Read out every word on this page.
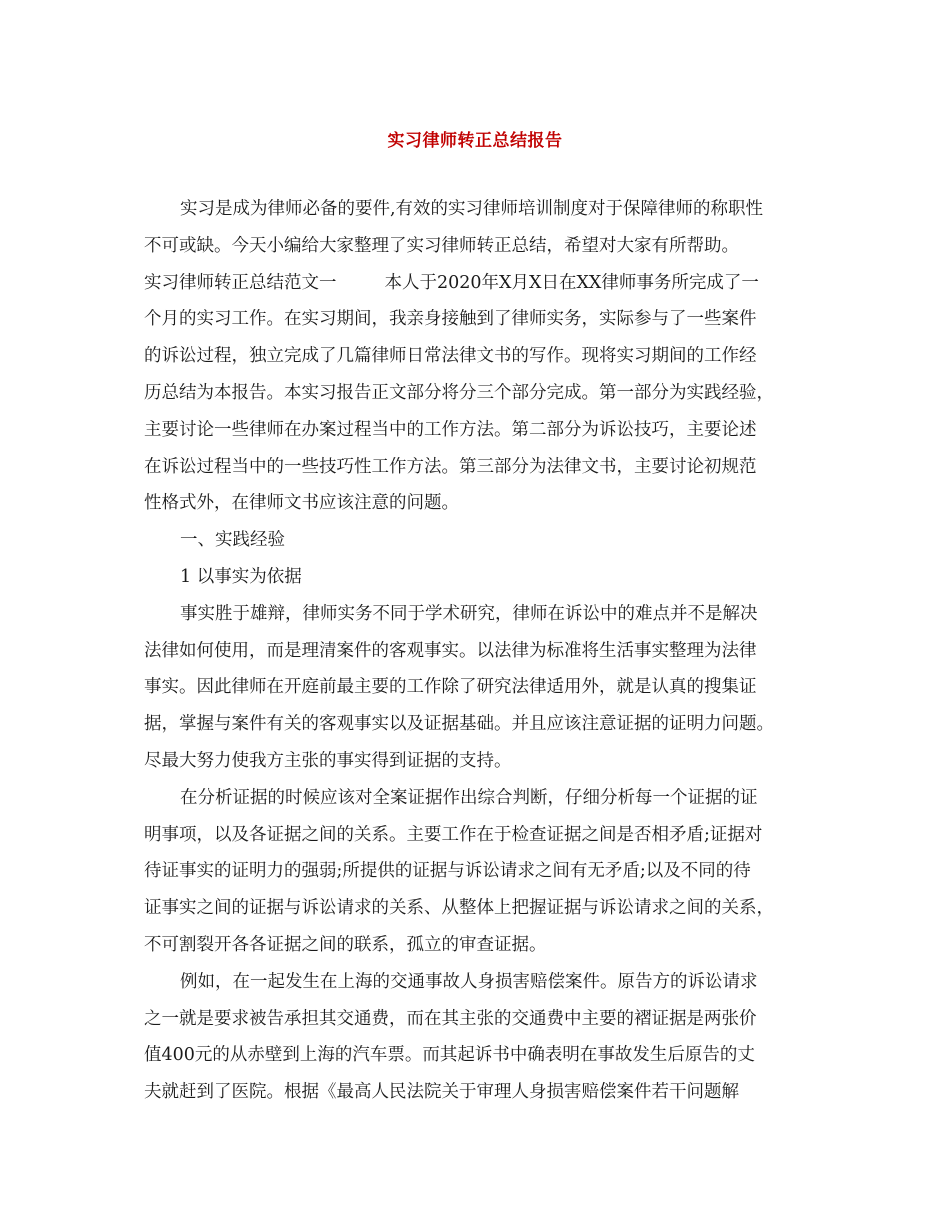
实习律师转正总结报告
实习是成为律师必备的要件,有效的实习律师培训制度对于保障律师的称职性
不可或缺。今天小编给大家整理了实习律师转正总结，希望对大家有所帮助。
实习律师转正总结范文一	本人于2020年X月X日在XX律师事务所完成了一
个月的实习工作。在实习期间，我亲身接触到了律师实务，实际参与了一些案件
的诉讼过程，独立完成了几篇律师日常法律文书的写作。现将实习期间的工作经
历总结为本报告。本实习报告正文部分将分三个部分完成。第一部分为实践经验，
主要讨论一些律师在办案过程当中的工作方法。第二部分为诉讼技巧，主要论述
在诉讼过程当中的一些技巧性工作方法。第三部分为法律文书，主要讨论初规范
性格式外，在律师文书应该注意的问题。
一、实践经验
1 以事实为依据
事实胜于雄辩，律师实务不同于学术研究，律师在诉讼中的难点并不是解决
法律如何使用，而是理清案件的客观事实。以法律为标准将生活事实整理为法律
事实。因此律师在开庭前最主要的工作除了研究法律适用外，就是认真的搜集证
据，掌握与案件有关的客观事实以及证据基础。并且应该注意证据的证明力问题。
尽最大努力使我方主张的事实得到证据的支持。
在分析证据的时候应该对全案证据作出综合判断，仔细分析每一个证据的证
明事项，以及各证据之间的关系。主要工作在于检查证据之间是否相矛盾;证据对
待证事实的证明力的强弱;所提供的证据与诉讼请求之间有无矛盾;以及不同的待
证事实之间的证据与诉讼请求的关系、从整体上把握证据与诉讼请求之间的关系，
不可割裂开各各证据之间的联系，孤立的审查证据。
例如，在一起发生在上海的交通事故人身损害赔偿案件。原告方的诉讼请求
之一就是要求被告承担其交通费，而在其主张的交通费中主要的褶证据是两张价
值400元的从赤壁到上海的汽车票。而其起诉书中确表明在事故发生后原告的丈
夫就赶到了医院。根据《最高人民法院关于审理人身损害赔偿案件若干问题解
